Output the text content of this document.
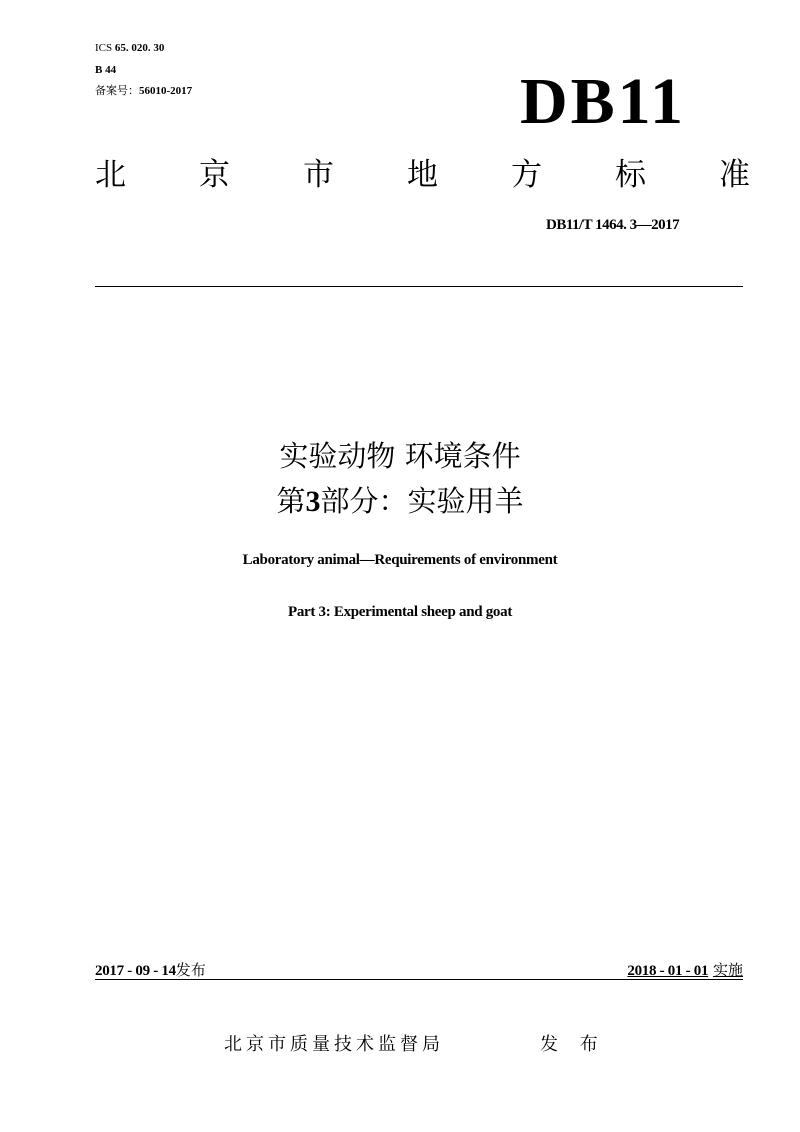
ICS 65. 020. 30
B 44
备案号：56010-2017	DB11
北 京 市 地 方 标 准
DB11/T 1464. 3—2017
实验动物 环境条件
第3部分：实验用羊
Laboratory animal—Requirements of environment
Part 3: Experimental sheep and goat
2017 - 09 - 14发布	2018 - 01 - 01 实施
北京市质量技术监督局	发 布
